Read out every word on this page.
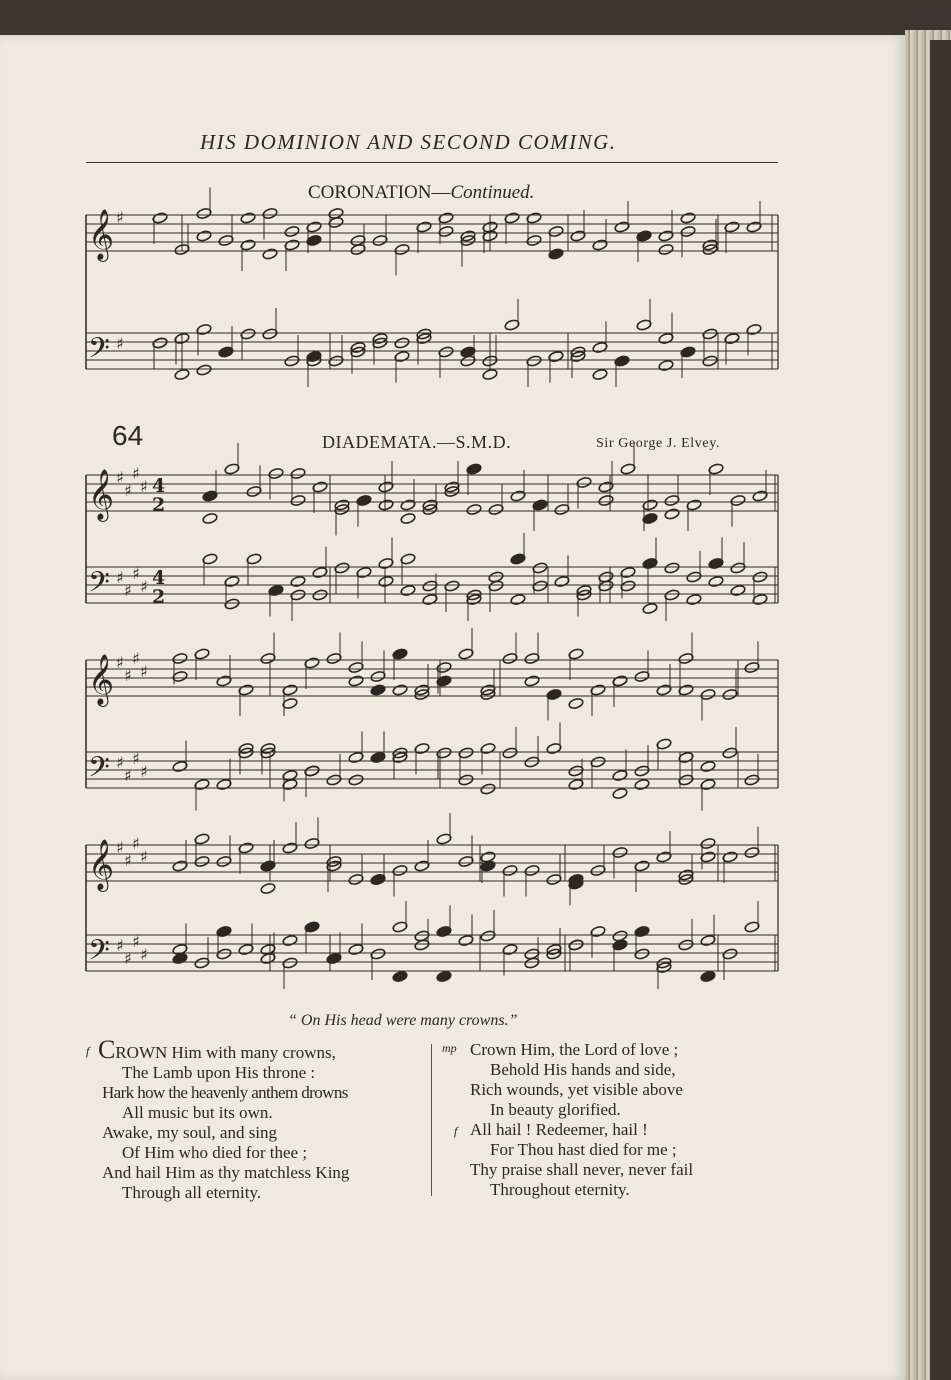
HIS DOMINION AND SECOND COMING.
CORONATION—Continued.
𝄞 ♯
𝄢 ♯
𝄞 ♯
♯
♯
♯ 4
2
𝄢 ♯
♯
♯
♯ 4
2
𝄞 ♯
♯
♯
♯
𝄢 ♯
♯
♯
♯
𝄞 ♯
♯
♯
♯
𝄢 ♯
♯
♯
♯
64	DIADEMATA.—S.M.D.	Sir George J. Elvey.
“ On His head were many crowns.”
f CROWN Him with many crowns,
The Lamb upon His throne :
Hark how the heavenly anthem drowns
All music but its own.
Awake, my soul, and sing
Of Him who died for thee ;
And hail Him as thy matchless King
Through all eternity.
mp Crown Him, the Lord of love ;
Behold His hands and side,
Rich wounds, yet visible above
In beauty glorified.
f All hail ! Redeemer, hail !
For Thou hast died for me ;
Thy praise shall never, never fail
Throughout eternity.
